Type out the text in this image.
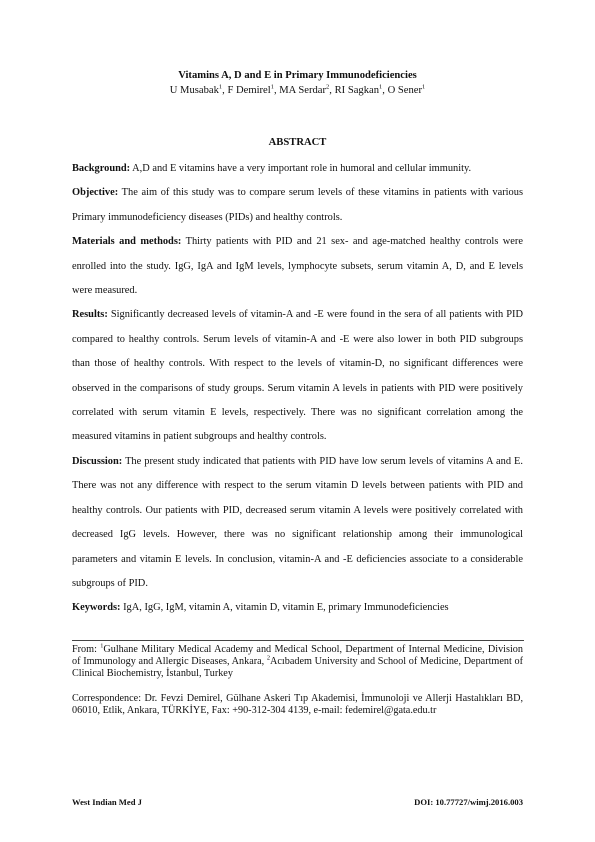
Vitamins A, D and E in Primary Immunodeficiencies
U Musabak$^1$, F Demirel$^1$, MA Serdar$^2$, RI Sagkan$^1$, O Sener$^1$
ABSTRACT

Background: A,D and E vitamins have a very important role in humoral and cellular immunity.

Objective: The aim of this study was to compare serum levels of these vitamins in patients with various Primary immunodeficiency diseases (PIDs) and healthy controls.

Materials and methods: Thirty patients with PID and 21 sex- and age-matched healthy controls were enrolled into the study. IgG, IgA and IgM levels, lymphocyte subsets, serum vitamin A, D, and E levels were measured.

Results: Significantly decreased levels of vitamin-A and -E were found in the sera of all patients with PID compared to healthy controls. Serum levels of vitamin-A and -E were also lower in both PID subgroups than those of healthy controls. With respect to the levels of vitamin-D, no significant differences were observed in the comparisons of study groups. Serum vitamin A levels in patients with PID were positively correlated with serum vitamin E levels, respectively. There was no significant correlation among the measured vitamins in patient subgroups and healthy controls.

Discussion: The present study indicated that patients with PID have low serum levels of vitamins A and E. There was not any difference with respect to the serum vitamin D levels between patients with PID and healthy controls. Our patients with PID, decreased serum vitamin A levels were positively correlated with decreased IgG levels. However, there was no significant relationship among their immunological parameters and vitamin E levels. In conclusion, vitamin-A and -E deficiencies associate to a considerable subgroups of PID.

Keywords: IgA, IgG, IgM, vitamin A, vitamin D, vitamin E, primary Immunodeficiencies

From: $^1$Gulhane Military Medical Academy and Medical School, Department of Internal Medicine, Division of Immunology and Allergic Diseases, Ankara, $^2$Acıbadem University and School of Medicine, Department of Clinical Biochemistry, İstanbul, Turkey
Correspondence: Dr. Fevzi Demirel, Gülhane Askeri Tıp Akademisi, İmmunoloji ve Allerji Hastalıkları BD, 06010, Etlik, Ankara, TÜRKİYE, Fax: +90-312-304 4139, e-mail: fedemirel@gata.edu.tr
West Indian Med J	DOI: 10.77727/wimj.2016.003
